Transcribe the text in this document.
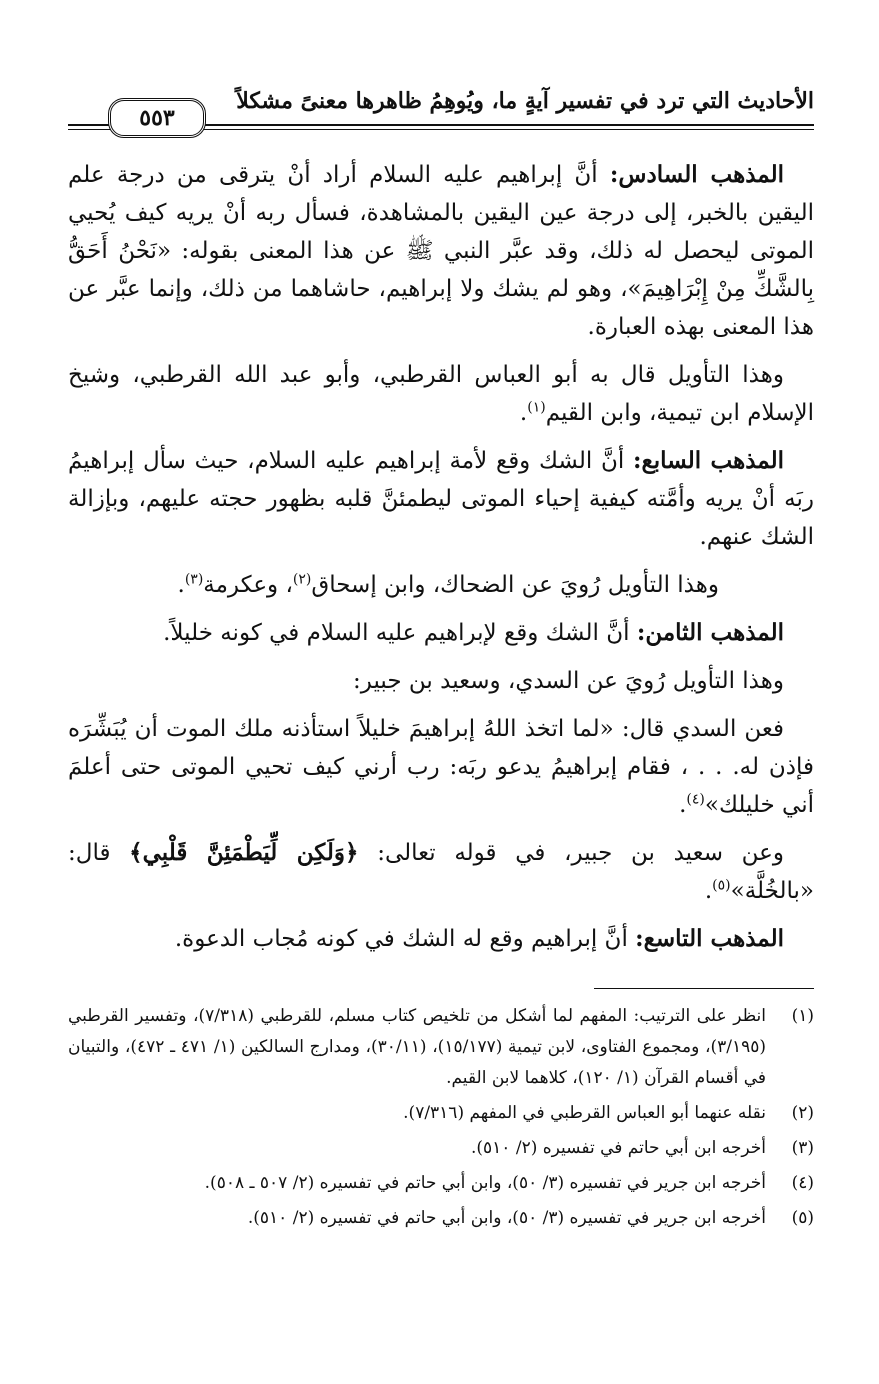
الأحاديث التي ترد في تفسير آيةٍ ما، ويُوهِمُ ظاهرها معنىً مشكلاً
٥٥٣

المذهب السادس: أنَّ إبراهيم عليه السلام أراد أنْ يترقى من درجة علم اليقين بالخبر، إلى درجة عين اليقين بالمشاهدة، فسأل ربه أنْ يريه كيف يُحيي الموتى ليحصل له ذلك، وقد عبَّر النبي ﷺ عن هذا المعنى بقوله: «نَحْنُ أَحَقُّ بِالشَّكِّ مِنْ إِبْرَاهِيمَ»، وهو لم يشك ولا إبراهيم، حاشاهما من ذلك، وإنما عبَّر عن هذا المعنى بهذه العبارة.

وهذا التأويل قال به أبو العباس القرطبي، وأبو عبد الله القرطبي، وشيخ الإسلام ابن تيمية، وابن القيم$^{(١)}$.

المذهب السابع: أنَّ الشك وقع لأمة إبراهيم عليه السلام، حيث سأل إبراهيمُ ربَه أنْ يريه وأمَّته كيفية إحياء الموتى ليطمئنَّ قلبه بظهور حجته عليهم، وبإزالة الشك عنهم.

وهذا التأويل رُويَ عن الضحاك، وابن إسحاق$^{(٢)}$، وعكرمة$^{(٣)}$.

المذهب الثامن: أنَّ الشك وقع لإبراهيم عليه السلام في كونه خليلاً.

وهذا التأويل رُويَ عن السدي، وسعيد بن جبير:

فعن السدي قال: «لما اتخذ اللهُ إبراهيمَ خليلاً استأذنه ملك الموت أن يُبَشِّرَه فإذن له. . . ، فقام إبراهيمُ يدعو ربَه: رب أرني كيف تحيي الموتى حتى أعلمَ أني خليلك»$^{(٤)}$.

وعن سعيد بن جبير، في قوله تعالى: ﴿وَلَكِن لِّيَطْمَئِنَّ قَلْبِي﴾ قال: «بالخُلَّة»$^{(٥)}$.

المذهب التاسع: أنَّ إبراهيم وقع له الشك في كونه مُجاب الدعوة.

(١)
انظر على الترتيب: المفهم لما أشكل من تلخيص كتاب مسلم، للقرطبي (٧/٣١٨)، وتفسير القرطبي (٣/١٩٥)، ومجموع الفتاوى، لابن تيمية (١٥/١٧٧)، (٣٠/١١)، ومدارج السالكين (١/ ٤٧١ ـ ٤٧٢)، والتبيان في أقسام القرآن (١/ ١٢٠)، كلاهما لابن القيم.
(٢)
نقله عنهما أبو العباس القرطبي في المفهم (٧/٣١٦).
(٣)
أخرجه ابن أبي حاتم في تفسيره (٢/ ٥١٠).
(٤)
أخرجه ابن جرير في تفسيره (٣/ ٥٠)، وابن أبي حاتم في تفسيره (٢/ ٥٠٧ ـ ٥٠٨).
(٥)
أخرجه ابن جرير في تفسيره (٣/ ٥٠)، وابن أبي حاتم في تفسيره (٢/ ٥١٠).
